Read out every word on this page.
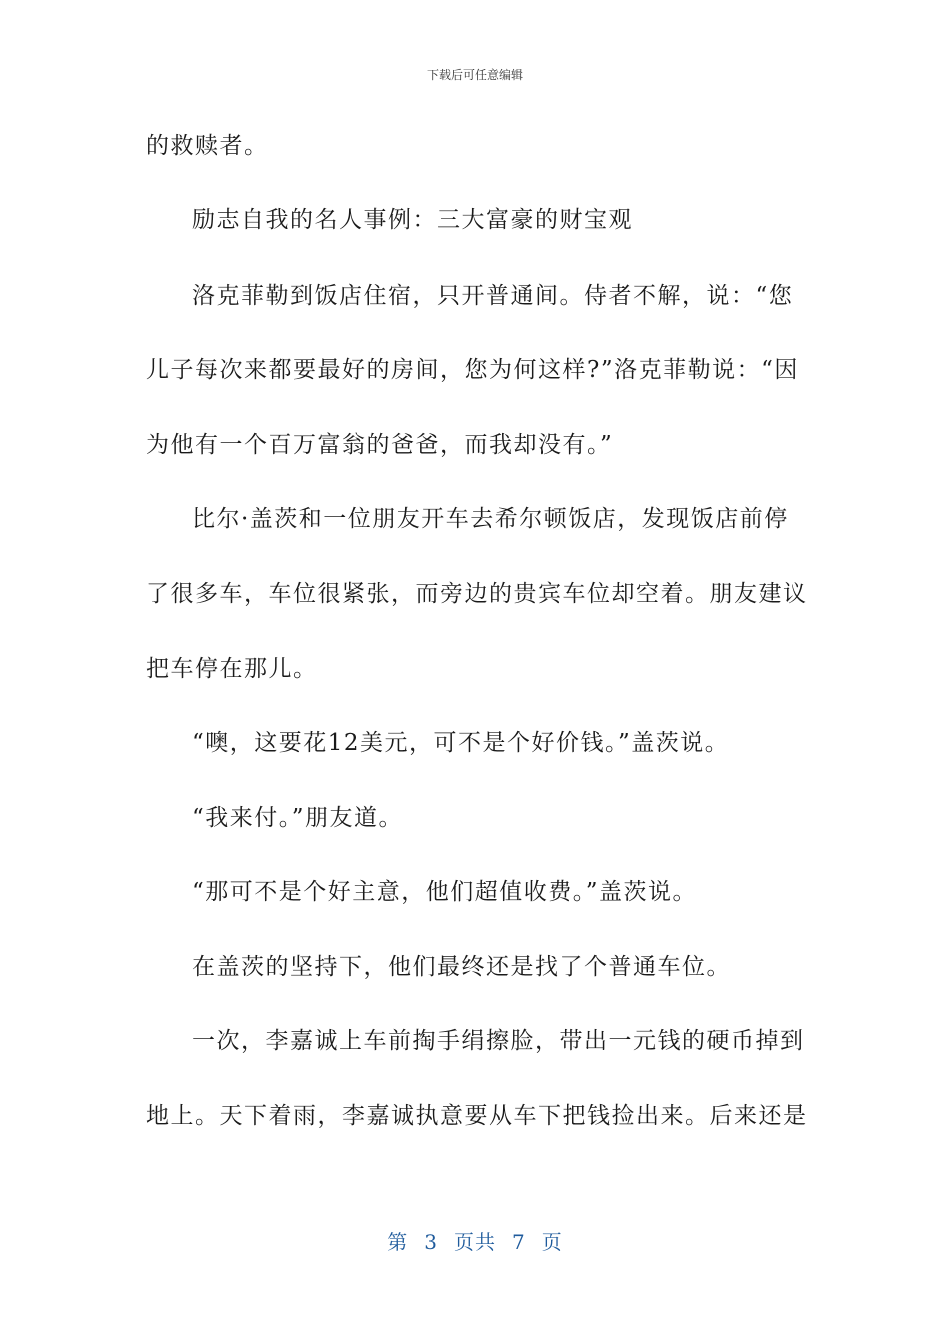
下载后可任意编辑
的救赎者。
励志自我的名人事例：三大富豪的财宝观
洛克菲勒到饭店住宿，只开普通间。侍者不解，说：“您
儿子每次来都要最好的房间，您为何这样?”洛克菲勒说：“因
为他有一个百万富翁的爸爸，而我却没有。”
比尔·盖茨和一位朋友开车去希尔顿饭店，发现饭店前停
了很多车，车位很紧张，而旁边的贵宾车位却空着。朋友建议
把车停在那儿。
“噢，这要花12美元，可不是个好价钱。”盖茨说。
“我来付。”朋友道。
“那可不是个好主意，他们超值收费。”盖茨说。
在盖茨的坚持下，他们最终还是找了个普通车位。
一次，李嘉诚上车前掏手绢擦脸，带出一元钱的硬币掉到
地上。天下着雨，李嘉诚执意要从车下把钱捡出来。后来还是
第 3 页共 7 页
